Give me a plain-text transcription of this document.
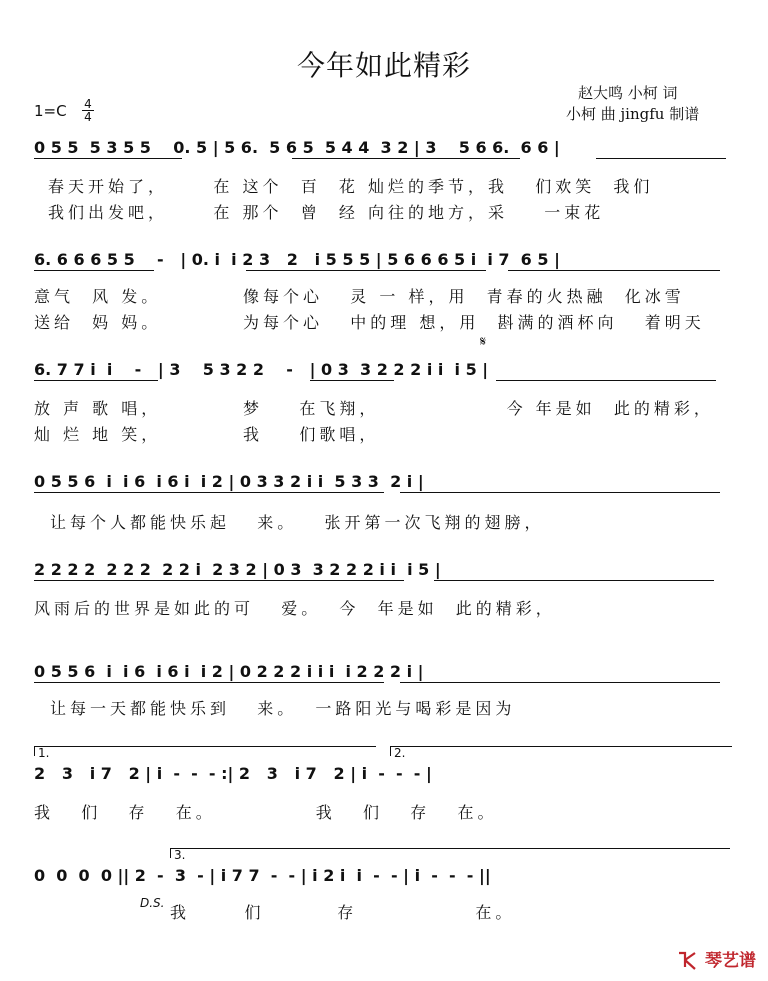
今年如此精彩
赵大鸣 小柯 词
小柯 曲 jingfu 制谱
$1=C \frac{4}{4}$
0 5 5  5 3 5 5    0. 5 | 5 6.  5 6 5  5 4 4  3 2 | 3    5 6 6.  6 6 |
春天开始了，     在 这个  百  花 灿烂的季节，我   们欢笑  我们
我们出发吧，     在 那个  曾  经 向往的地方，采    一束花
6. 6 6 6 5 5    -   | 0. i  i 2 3   2   i 5 5 5 | 5 6 6 6 5 i  i 7  6 5 |
意气  风 发。         像每个心   灵 一 样，用  青春的火热融  化冰雪
送给  妈 妈。         为每个心   中的理 想，用  斟满的酒杯向   着明天
𝄋
6. 7 7 i  i    -   | 3    5 3 2 2    -   | 0 3  3 2 2 2 i i  i 5 |
放 声 歌 唱，         梦    在飞翔，              今 年是如  此的精彩，
灿 烂 地 笑，         我    们歌唱，
0 5 5 6  i  i 6  i 6 i  i 2 | 0 3 3 2 i i  5 3 3  2 i |
让每个人都能快乐起   来。   张开第一次飞翔的翅膀，
2 2 2 2  2 2 2  2 2 i  2 3 2 | 0 3  3 2 2 2 i i  i 5 |
风雨后的世界是如此的可   爱。  今  年是如  此的精彩，
0 5 5 6  i  i 6  i 6 i  i 2 | 0 2 2 2 i i i  i 2 2 2 i |
让每一天都能快乐到   来。  一路阳光与喝彩是因为
1.	2.
2   3   i 7   2 | i  -  -  - :| 2   3   i 7   2 | i  -  -  - |
我   们   存   在。           我   们   存   在。
3.
0  0  0  0 || 2  -  3  - | i 7 7  -  - | i 2 i  i  -  - | i  -  -  - ||
D.S. 我      们        存             在。
琴艺谱
